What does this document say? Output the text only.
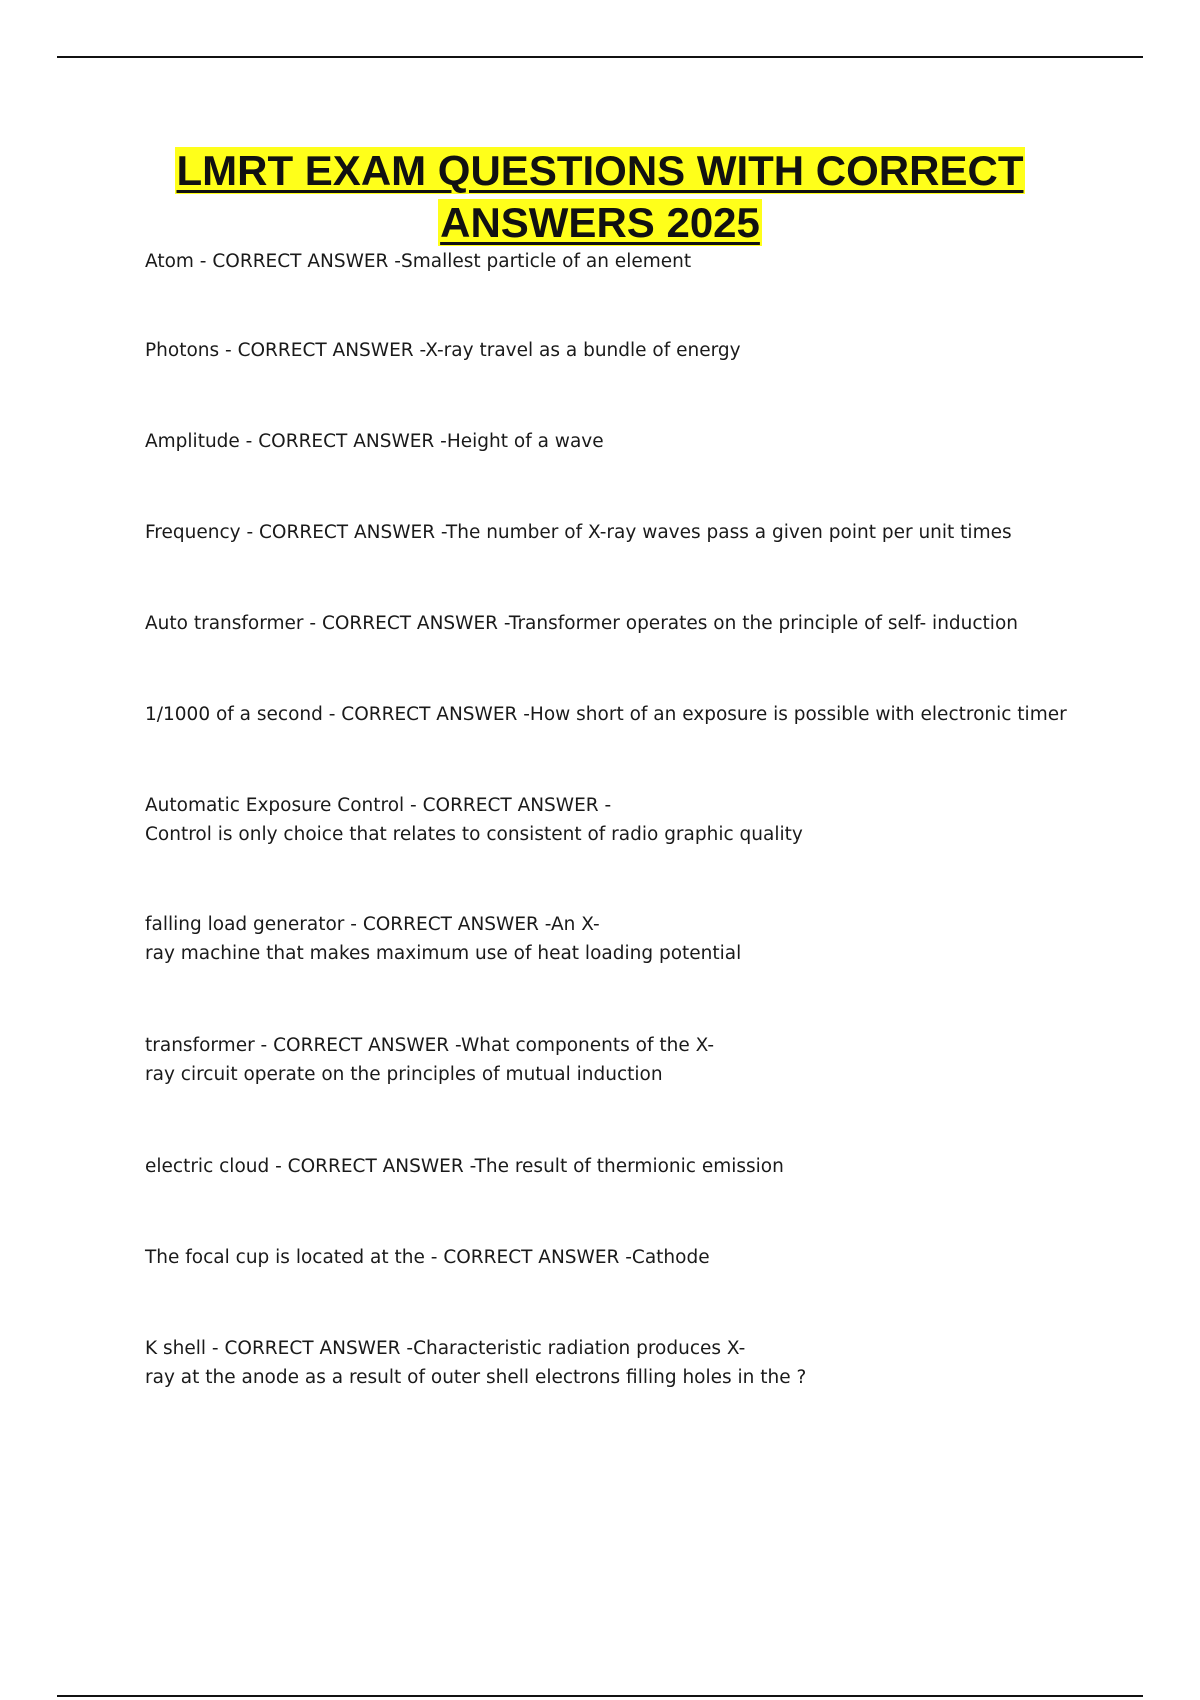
LMRT EXAM QUESTIONS WITH CORRECT
ANSWERS 2025
Atom - CORRECT ANSWER -Smallest particle of an element
Photons - CORRECT ANSWER -X-ray travel as a bundle of energy
Amplitude - CORRECT ANSWER -Height of a wave
Frequency - CORRECT ANSWER -The number of X-ray waves pass a given point per unit times
Auto transformer - CORRECT ANSWER -Transformer operates on the principle of self- induction
1/1000 of a second - CORRECT ANSWER -How short of an exposure is possible with electronic timer
Automatic Exposure Control - CORRECT ANSWER -
Control is only choice that relates to consistent of radio graphic quality
falling load generator - CORRECT ANSWER -An X-
ray machine that makes maximum use of heat loading potential
transformer - CORRECT ANSWER -What components of the X-
ray circuit operate on the principles of mutual induction
electric cloud - CORRECT ANSWER -The result of thermionic emission
The focal cup is located at the - CORRECT ANSWER -Cathode
K shell - CORRECT ANSWER -Characteristic radiation produces X-
ray at the anode as a result of outer shell electrons filling holes in the ?
